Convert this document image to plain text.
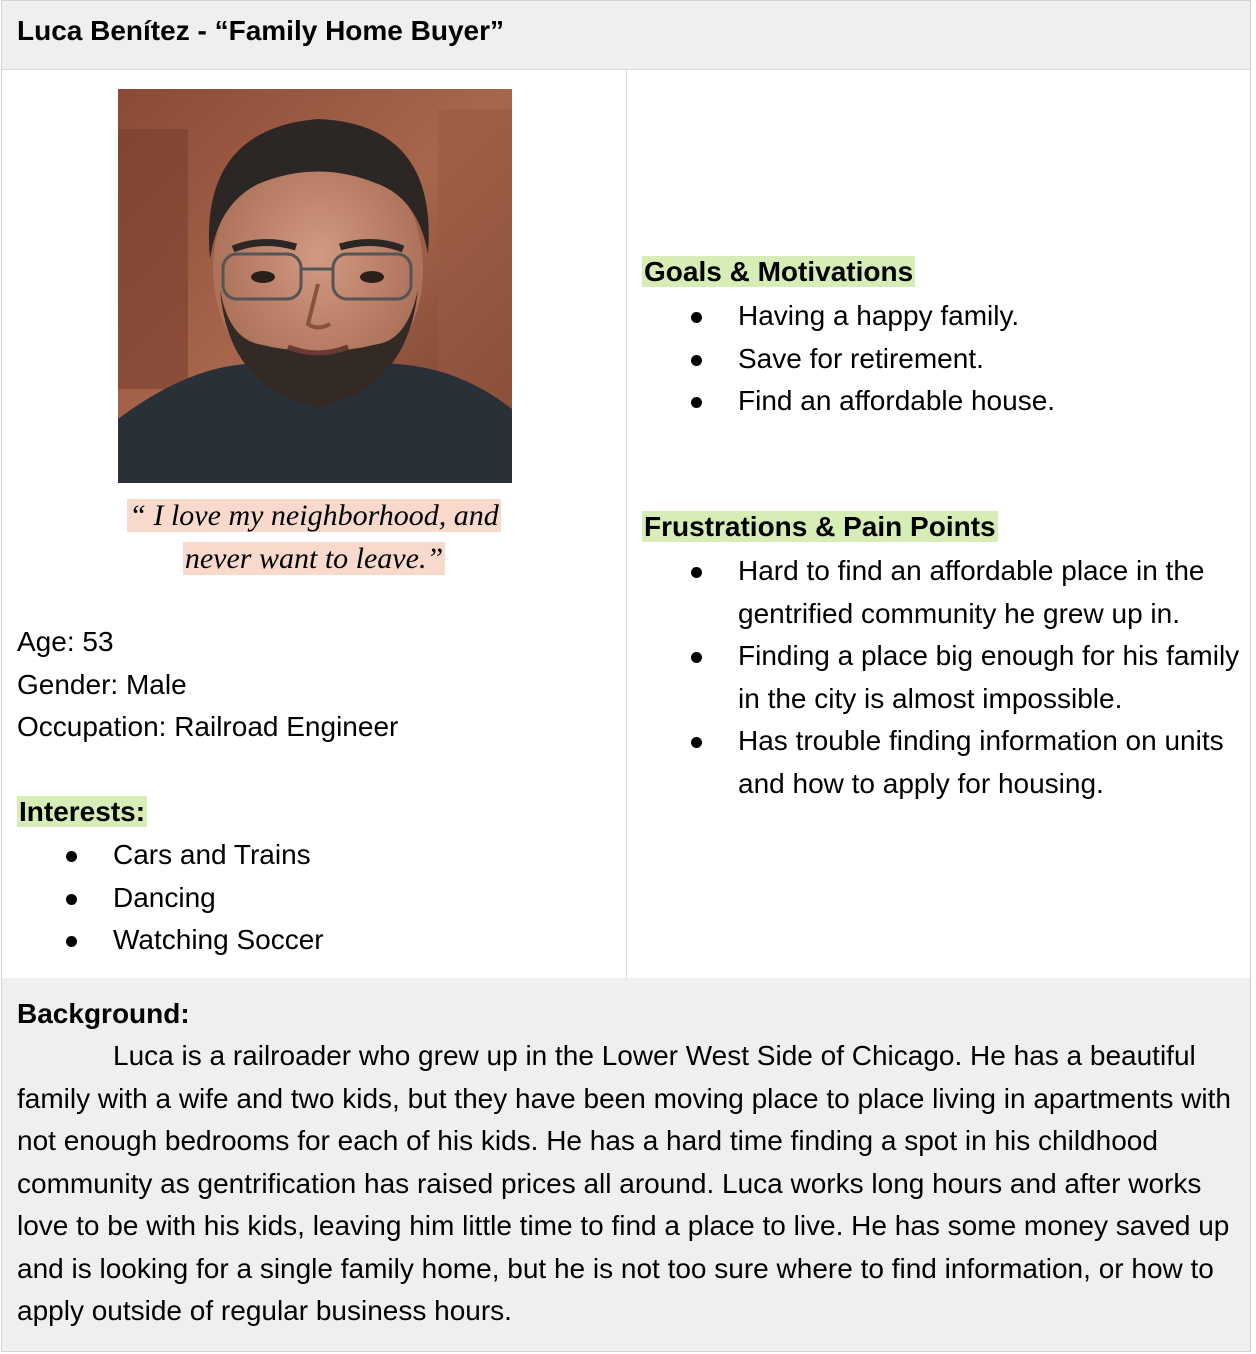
Luca Benítez - “Family Home Buyer”
“ I love my neighborhood, and
never want to leave.”
Age: 53
Gender: Male
Occupation: Railroad Engineer
Interests:
Cars and Trains
Dancing
Watching Soccer
Goals & Motivations
Having a happy family.
Save for retirement.
Find an affordable house.
Frustrations & Pain Points
Hard to find an affordable place in the gentrified community he grew up in.
Finding a place big enough for his family in the city is almost impossible.
Has trouble finding information on units and how to apply for housing.
Background:
Luca is a railroader who grew up in the Lower West Side of Chicago. He has a beautiful family with a wife and two kids, but they have been moving place to place living in apartments with not enough bedrooms for each of his kids. He has a hard time finding a spot in his childhood community as gentrification has raised prices all around. Luca works long hours and after works love to be with his kids, leaving him little time to find a place to live. He has some money saved up and is looking for a single family home, but he is not too sure where to find information, or how to apply outside of regular business hours.
